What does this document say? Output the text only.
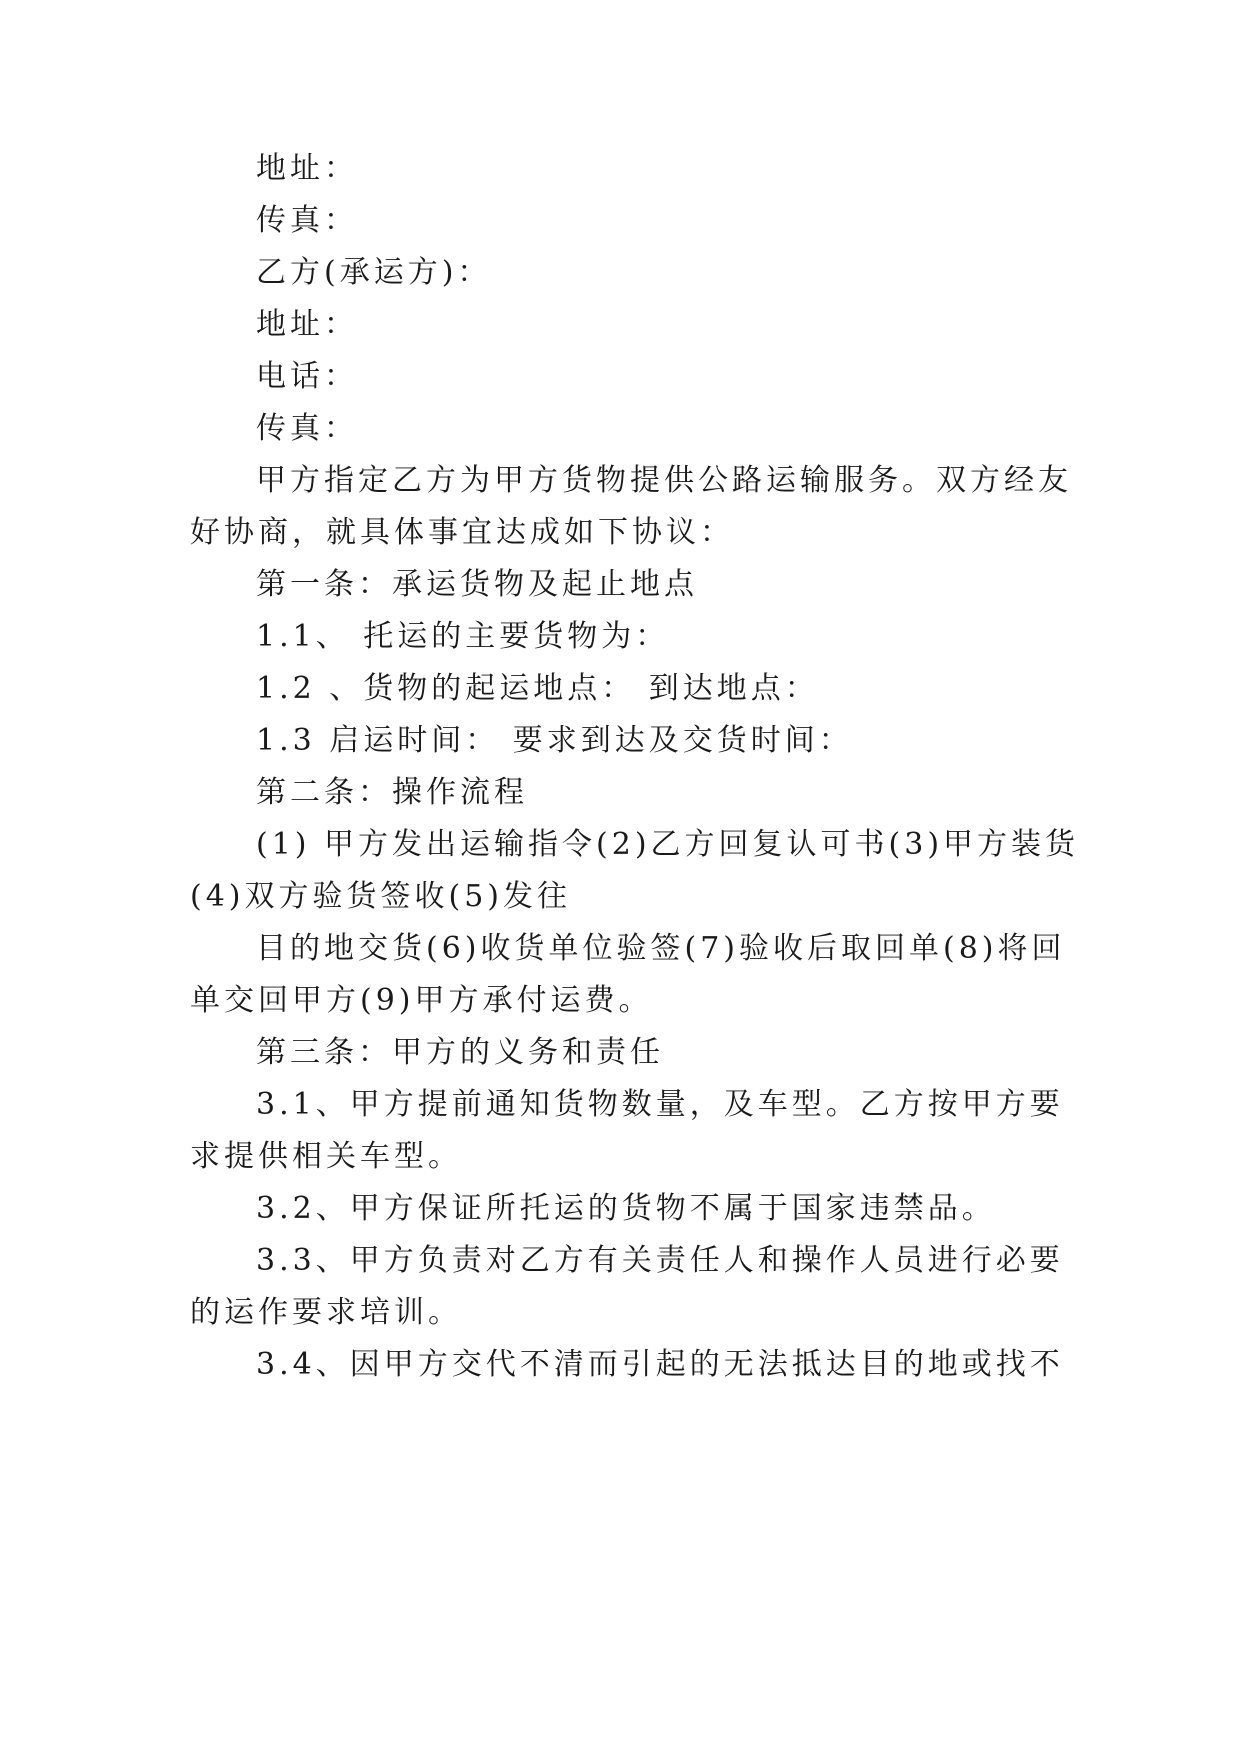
地址：
传真：
乙方(承运方)：
地址：
电话：
传真：
甲方指定乙方为甲方货物提供公路运输服务。双方经友
好协商，就具体事宜达成如下协议：
第一条：承运货物及起止地点
1.1、 托运的主要货物为：
1.2 、货物的起运地点： 到达地点：
1.3 启运时间： 要求到达及交货时间：
第二条：操作流程
(1) 甲方发出运输指令(2)乙方回复认可书(3)甲方装货
(4)双方验货签收(5)发往
目的地交货(6)收货单位验签(7)验收后取回单(8)将回
单交回甲方(9)甲方承付运费。
第三条：甲方的义务和责任
3.1、甲方提前通知货物数量，及车型。乙方按甲方要
求提供相关车型。
3.2、甲方保证所托运的货物不属于国家违禁品。
3.3、甲方负责对乙方有关责任人和操作人员进行必要
的运作要求培训。
3.4、因甲方交代不清而引起的无法抵达目的地或找不
